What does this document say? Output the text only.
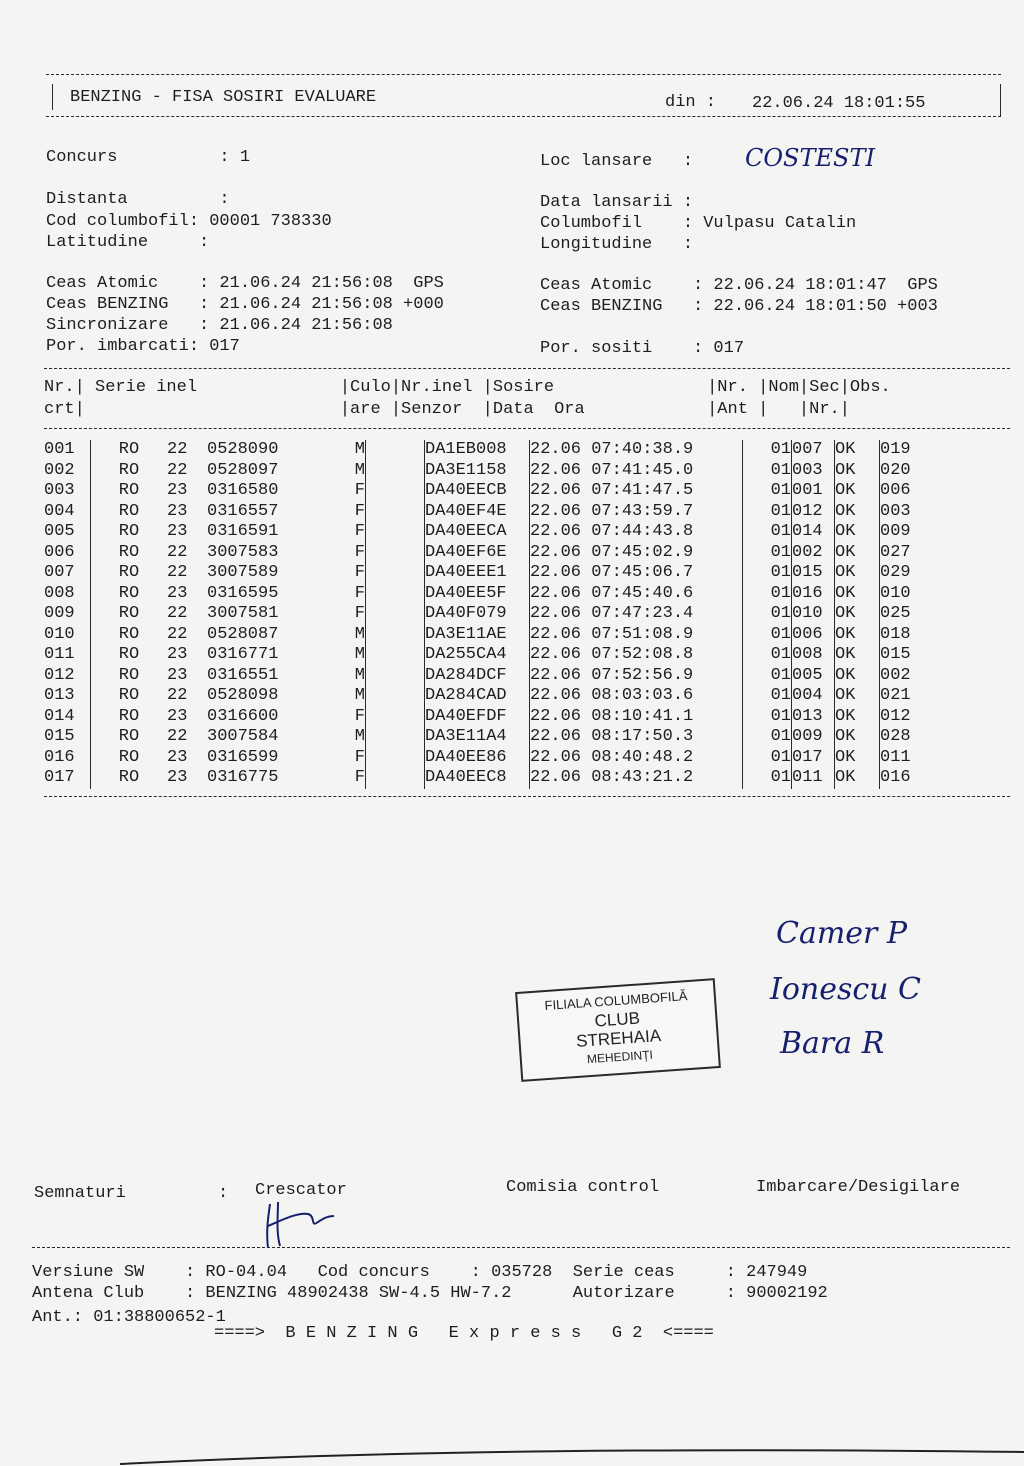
BENZING - FISA SOSIRI EVALUARE	din : 22.06.24 18:01:55
Concurs          : 1	Loc lansare   : COSTESTI
Distanta         :
Cod columbofil: 00001 738330
Latitudine     :
Data lansarii :
Columbofil    : Vulpasu Catalin
Longitudine   :
Ceas Atomic    : 21.06.24 21:56:08  GPS
Ceas BENZING   : 21.06.24 21:56:08 +000
Sincronizare   : 21.06.24 21:56:08
Por. imbarcati: 017
Ceas Atomic    : 22.06.24 18:01:47  GPS
Ceas BENZING   : 22.06.24 18:01:50 +003
Por. sositi    : 017
Nr.| Serie inel              |Culo|Nr.inel |Sosire               |Nr. |Nom|Sec|Obs.
crt|                         |are |Senzor  |Data  Ora            |Ant |   |Nr.|
001	RO	22	0528090	M		DA1EB008	22.06 07:40:38.9	01	007	OK	019
002	RO	22	0528097	M		DA3E1158	22.06 07:41:45.0	01	003	OK	020
003	RO	23	0316580	F		DA40EECB	22.06 07:41:47.5	01	001	OK	006
004	RO	23	0316557	F		DA40EF4E	22.06 07:43:59.7	01	012	OK	003
005	RO	23	0316591	F		DA40EECA	22.06 07:44:43.8	01	014	OK	009
006	RO	22	3007583	F		DA40EF6E	22.06 07:45:02.9	01	002	OK	027
007	RO	22	3007589	F		DA40EEE1	22.06 07:45:06.7	01	015	OK	029
008	RO	23	0316595	F		DA40EE5F	22.06 07:45:40.6	01	016	OK	010
009	RO	22	3007581	F		DA40F079	22.06 07:47:23.4	01	010	OK	025
010	RO	22	0528087	M		DA3E11AE	22.06 07:51:08.9	01	006	OK	018
011	RO	23	0316771	M		DA255CA4	22.06 07:52:08.8	01	008	OK	015
012	RO	23	0316551	M		DA284DCF	22.06 07:52:56.9	01	005	OK	002
013	RO	22	0528098	M		DA284CAD	22.06 08:03:03.6	01	004	OK	021
014	RO	23	0316600	F		DA40EFDF	22.06 08:10:41.1	01	013	OK	012
015	RO	22	3007584	M		DA3E11A4	22.06 08:17:50.3	01	009	OK	028
016	RO	23	0316599	F		DA40EE86	22.06 08:40:48.2	01	017	OK	011
017	RO	23	0316775	F		DA40EEC8	22.06 08:43:21.2	01	011	OK	016
Camer P
Ionescu C
Bara R
FILIALA COLUMBOFILĂ
CLUB
STREHAIA
MEHEDINȚI
Semnaturi	: Crescator	Comisia control	Imbarcare/Desigilare
Versiune SW    : RO-04.04   Cod concurs    : 035728  Serie ceas     : 247949
Antena Club    : BENZING 48902438 SW-4.5 HW-7.2      Autorizare     : 90002192
Ant.: 01:38800652-1
====>  B E N Z I N G   E x p r e s s   G 2  <====
